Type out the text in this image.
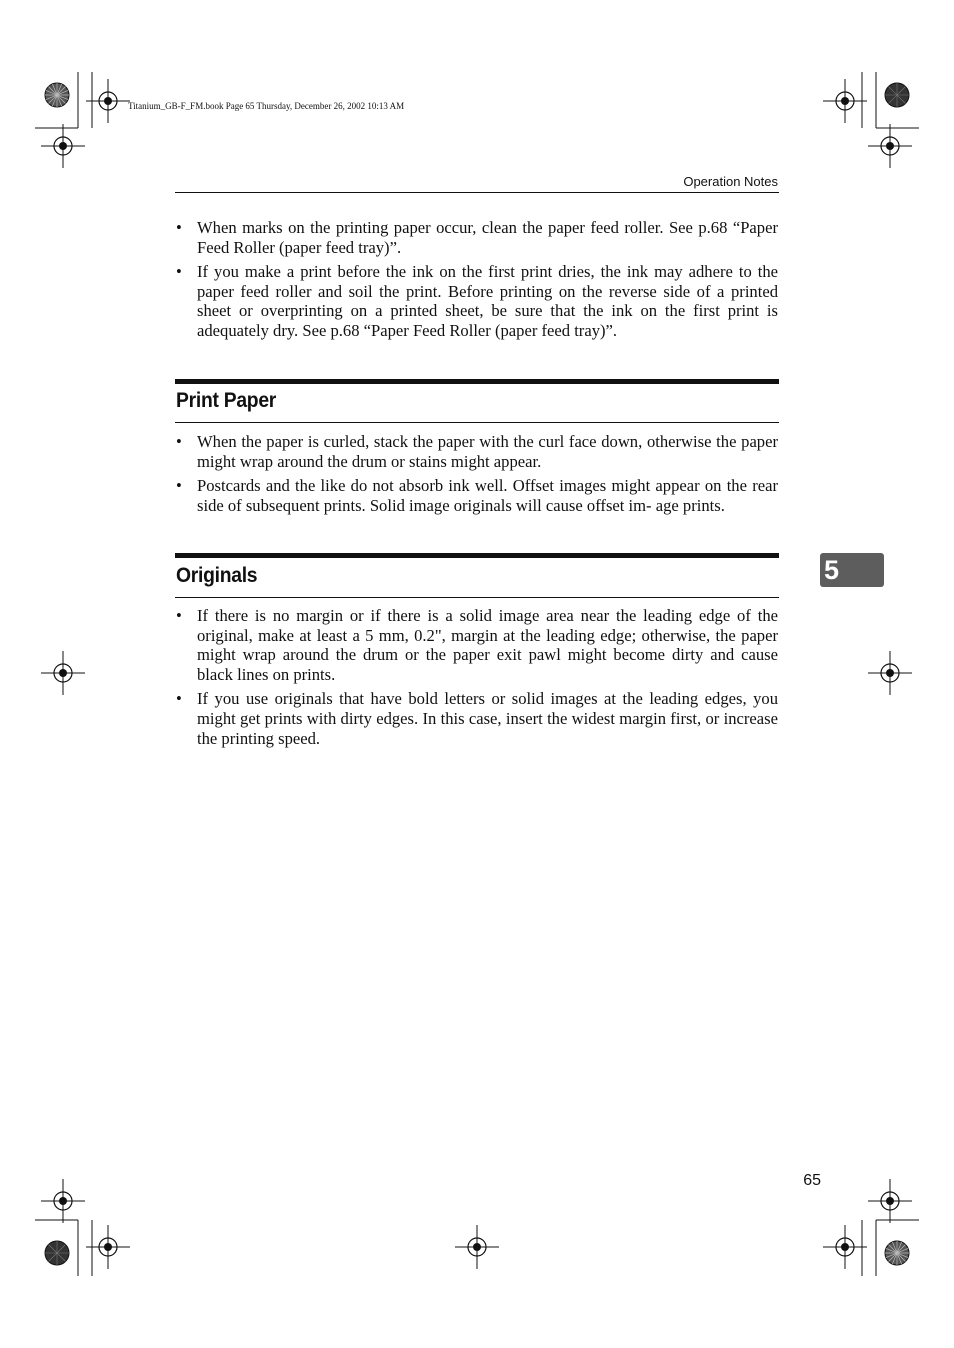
Titanium_GB-F_FM.book Page 65 Thursday, December 26, 2002 10:13 AM
Operation Notes
• When marks on the printing paper occur, clean the paper feed roller. See p.68 “Paper Feed Roller (paper feed tray)”.
• If you make a print before the ink on the first print dries, the ink may adhere to the paper feed roller and soil the print. Before printing on the reverse side of a printed sheet or overprinting on a printed sheet, be sure that the ink on the first print is adequately dry. See p.68 “Paper Feed Roller (paper feed tray)”.
Print Paper
• When the paper is curled, stack the paper with the curl face down, otherwise the paper might wrap around the drum or stains might appear.
• Postcards and the like do not absorb ink well. Offset images might appear on the rear side of subsequent prints. Solid image originals will cause offset im- age prints.
Originals
• If there is no margin or if there is a solid image area near the leading edge of the original, make at least a 5 mm, 0.2", margin at the leading edge; otherwise, the paper might wrap around the drum or the paper exit pawl might become dirty and cause black lines on prints.
• If you use originals that have bold letters or solid images at the leading edges, you might get prints with dirty edges. In this case, insert the widest margin first, or increase the printing speed.
5
65
